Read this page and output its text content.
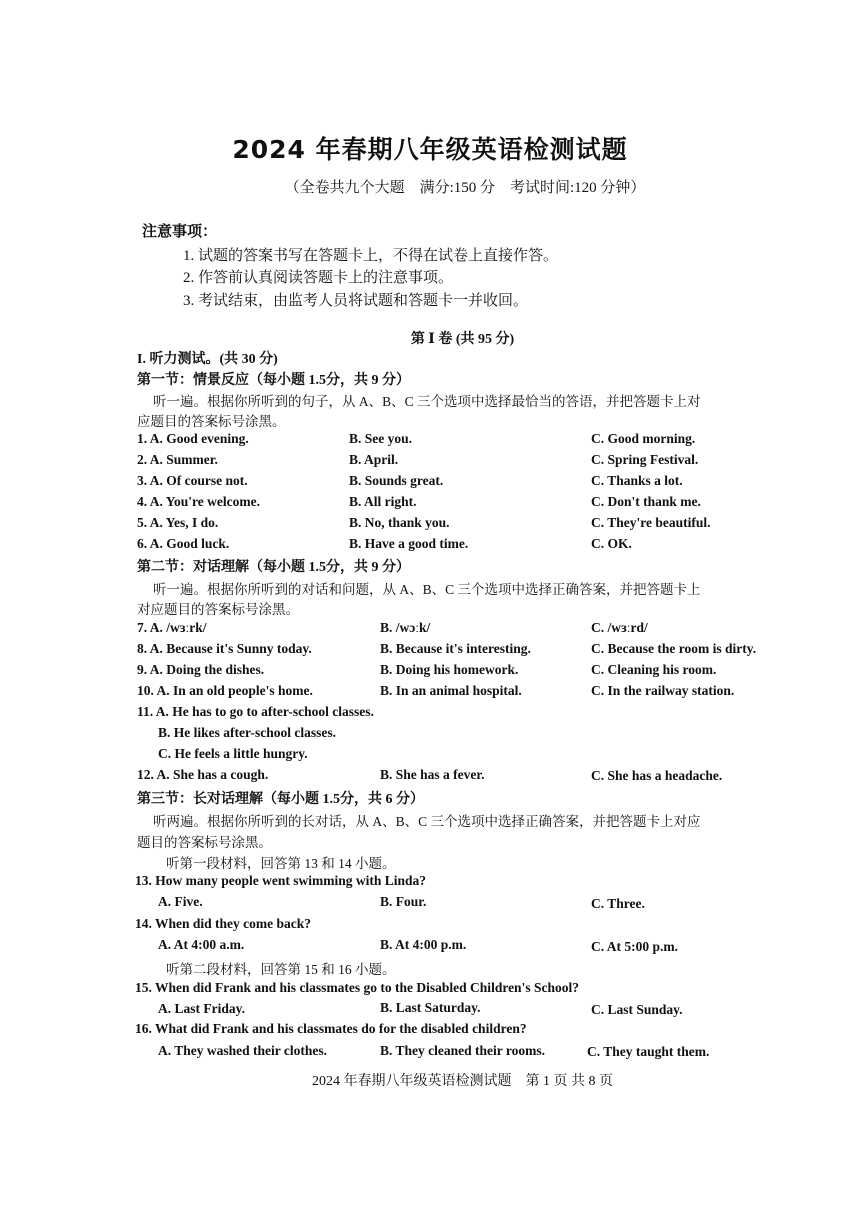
2024 年春期八年级英语检测试题
（全卷共九个大题　满分:150 分　考试时间:120 分钟）
注意事项：
1. 试题的答案书写在答题卡上，不得在试卷上直接作答。
2. 作答前认真阅读答题卡上的注意事项。
3. 考试结束，由监考人员将试题和答题卡一并收回。
第 Ⅰ 卷 (共 95 分)
I. 听力测试。(共 30 分)
第一节：情景反应（每小题 1.5分，共 9 分）
听一遍。根据你所听到的句子，从 A、B、C 三个选项中选择最恰当的答语，并把答题卡上对
应题目的答案标号涂黑。
1. A. Good evening.	B. See you.	C. Good morning.
2. A. Summer.	B. April.	C. Spring Festival.
3. A. Of course not.	B. Sounds great.	C. Thanks a lot.
4. A. You're welcome.	B. All right.	C. Don't thank me.
5. A. Yes, I do.	B. No, thank you.	C. They're beautiful.
6. A. Good luck.	B. Have a good time.	C. OK.
第二节：对话理解（每小题 1.5分，共 9 分）
听一遍。根据你所听到的对话和问题，从 A、B、C 三个选项中选择正确答案，并把答题卡上
对应题目的答案标号涂黑。
7. A. /wɜːrk/	B. /wɔːk/	C. /wɜːrd/
8. A. Because it's Sunny today.	B. Because it's interesting.	C. Because the room is dirty.
9. A. Doing the dishes.	B. Doing his homework.	C. Cleaning his room.
10. A. In an old people's home.	B. In an animal hospital.	C. In the railway station.
11. A. He has to go to after-school classes.
B. He likes after-school classes.
C. He feels a little hungry.
12. A. She has a cough.	B. She has a fever.	C. She has a headache.
第三节：长对话理解（每小题 1.5分，共 6 分）
听两遍。根据你所听到的长对话，从 A、B、C 三个选项中选择正确答案，并把答题卡上对应
题目的答案标号涂黑。
听第一段材料，回答第 13 和 14 小题。
13. How many people went swimming with Linda?
A. Five.	B. Four.	C. Three.
14. When did they come back?
A. At 4:00 a.m.	B. At 4:00 p.m.	C. At 5:00 p.m.
听第二段材料，回答第 15 和 16 小题。
15. When did Frank and his classmates go to the Disabled Children's School?
A. Last Friday.	B. Last Saturday.	C. Last Sunday.
16. What did Frank and his classmates do for the disabled children?
A. They washed their clothes.	B. They cleaned their rooms.	C. They taught them.
2024 年春期八年级英语检测试题　第 1 页 共 8 页
